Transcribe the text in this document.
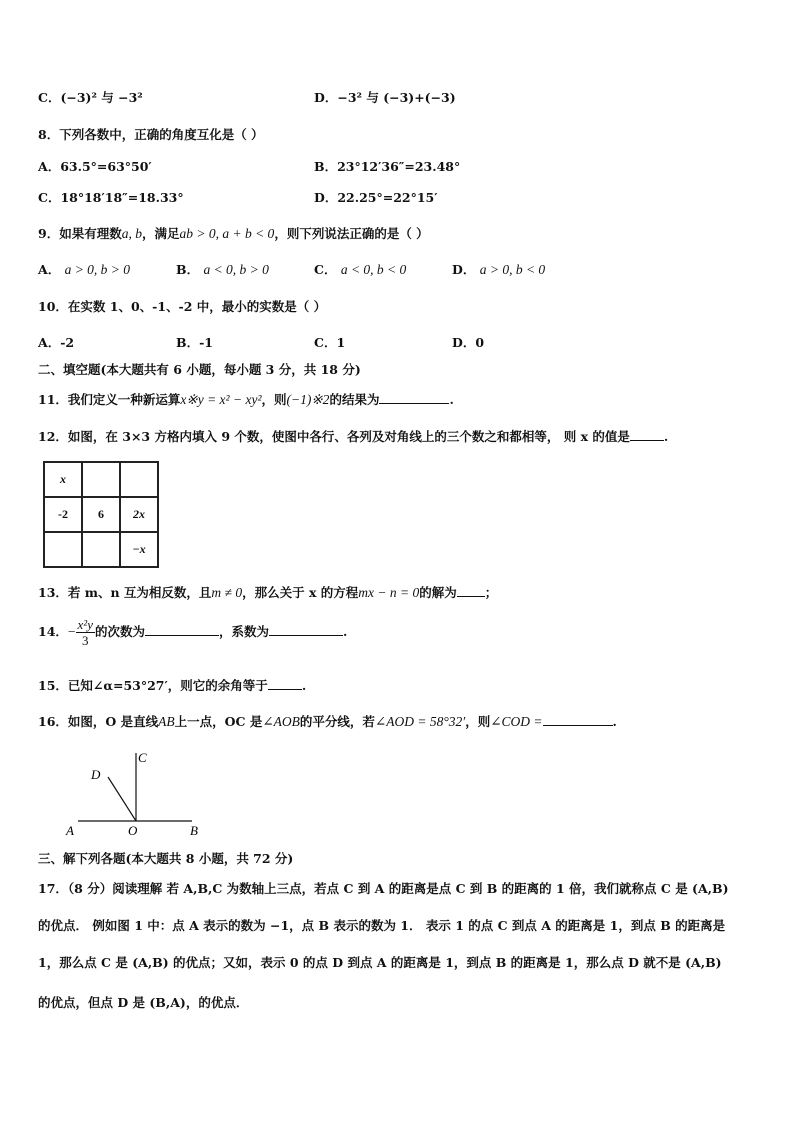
C．(−3)² 与 −3²	D．−3² 与 (−3)+(−3)
8．下列各数中，正确的角度互化是（ ）
A．63.5°=63°50′	B．23°12′36″=23.48°
C．18°18′18″=18.33°	D．22.25°=22°15′
9．如果有理数a, b，满足ab > 0, a + b < 0，则下列说法正确的是（ ）
A． a > 0, b > 0	B． a < 0, b > 0	C． a < 0, b < 0	D． a > 0, b < 0
10．在实数 1、0、-1、-2 中，最小的实数是（ ）
A．-2	B．-1	C．1	D．0
二、填空题(本大题共有 6 小题，每小题 3 分，共 18 分)
11．我们定义一种新运算x※y = x² − xy²，则(−1)※2的结果为	.
12．如图，在 3×3 方格内填入 9 个数，使图中各行、各列及对角线上的三个数之和都相等， 则 x 的值是	.
x		
-2	6	2x
		−x
13．若 m、n 互为相反数，且m ≠ 0，那么关于 x 的方程mx − n = 0的解为 ；
14．− $\frac{\text{x²y}}{3}$ 的次数为	，系数为	.
15．已知∠α=53°27′，则它的余角等于	.
16．如图，O 是直线AB上一点，OC 是∠AOB的平分线，若∠AOD = 58°32′，则∠COD =	.
A	O	B
C
D
三、解下列各题(本大题共 8 小题，共 72 分)
17．（8 分）阅读理解 若 A,B,C 为数轴上三点，若点 C 到 A 的距离是点 C 到 B 的距离的 1 倍，我们就称点 C 是 (A,B)
的优点． 例如图 1 中：点 A 表示的数为 −1，点 B 表示的数为 1． 表示 1 的点 C 到点 A 的距离是 1，到点 B 的距离是
1，那么点 C 是 (A,B) 的优点；又如，表示 0 的点 D 到点 A 的距离是 1，到点 B 的距离是 1，那么点 D 就不是 (A,B)
的优点，但点 D 是 (B,A)，的优点．
